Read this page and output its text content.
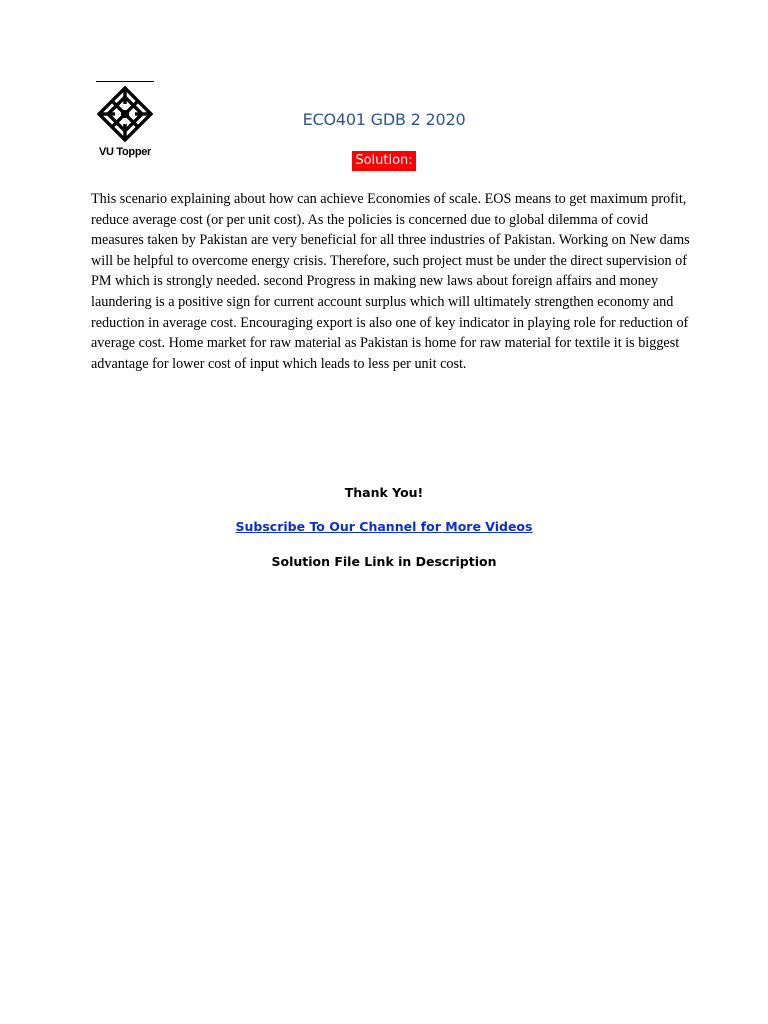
VU Topper
ECO401 GDB 2 2020
Solution:
This scenario explaining about how can achieve Economies of scale. EOS means to get maximum profit, reduce average cost (or per unit cost). As the policies is concerned due to global dilemma of covid measures taken by Pakistan are very beneficial for all three industries of Pakistan. Working on New dams will be helpful to overcome energy crisis. Therefore, such project must be under the direct supervision of PM which is strongly needed. second Progress in making new laws about foreign affairs and money laundering is a positive sign for current account surplus which will ultimately strengthen economy and reduction in average cost. Encouraging export is also one of key indicator in playing role for reduction of average cost. Home market for raw material as Pakistan is home for raw material for textile it is biggest advantage for lower cost of input which leads to less per unit cost.
Thank You!
Subscribe To Our Channel for More Videos
Solution File Link in Description
